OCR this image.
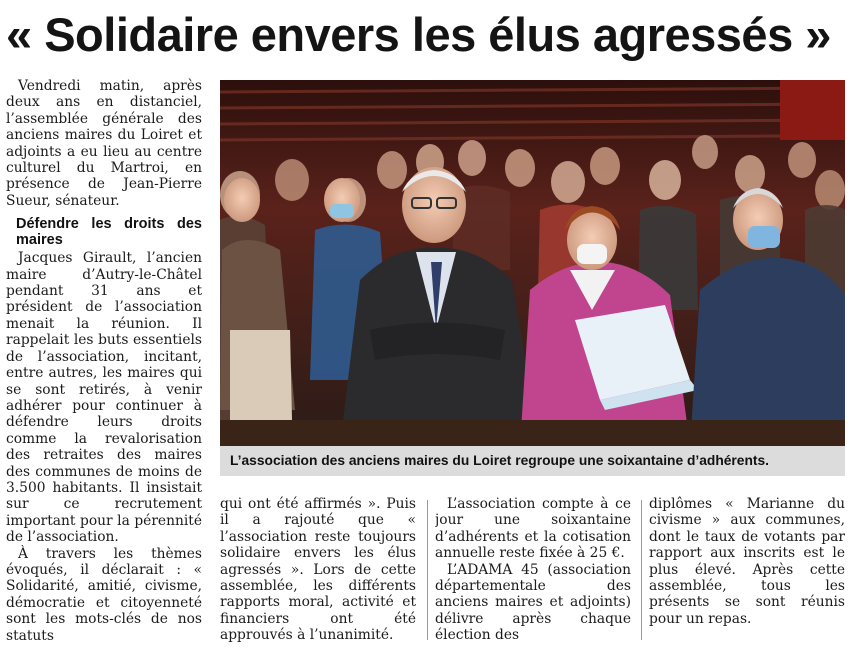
« Solidaire envers les élus agressés »

Vendredi matin, après deux ans en distanciel, l’assemblée générale des anciens maires du Loiret et adjoints a eu lieu au centre culturel du Martroi, en présence de Jean-Pierre Sueur, sénateur.

Défendre les droits des maires

Jacques Girault, l’ancien maire d’Autry-le-Châtel pendant 31 ans et président de l’association menait la réunion. Il rappelait les buts essentiels de l’association, incitant, entre autres, les maires qui se sont retirés, à venir adhérer pour continuer à défendre leurs droits comme la revalorisation des retraites des maires des communes de moins de 3.500 habitants. Il insistait sur ce recrutement important pour la pérennité de l’association.

À travers les thèmes évoqués, il déclarait : « Solidarité, amitié, civisme, démocratie et citoyenneté sont les mots-clés de nos statuts

L’association des anciens maires du Loiret regroupe une soixantaine d’adhérents.

qui ont été affirmés ». Puis il a rajouté que « l’association reste toujours solidaire envers les élus agressés ». Lors de cette assemblée, les différents rapports moral, activité et financiers ont été approuvés à l’unanimité.

L’association compte à ce jour une soixantaine d’adhérents et la cotisation annuelle reste fixée à 25 €.

L’ADAMA 45 (association départementale des anciens maires et adjoints) délivre après chaque élection des

diplômes « Marianne du civisme » aux communes, dont le taux de votants par rapport aux inscrits est le plus élevé. Après cette assemblée, tous les présents se sont réunis pour un repas.
